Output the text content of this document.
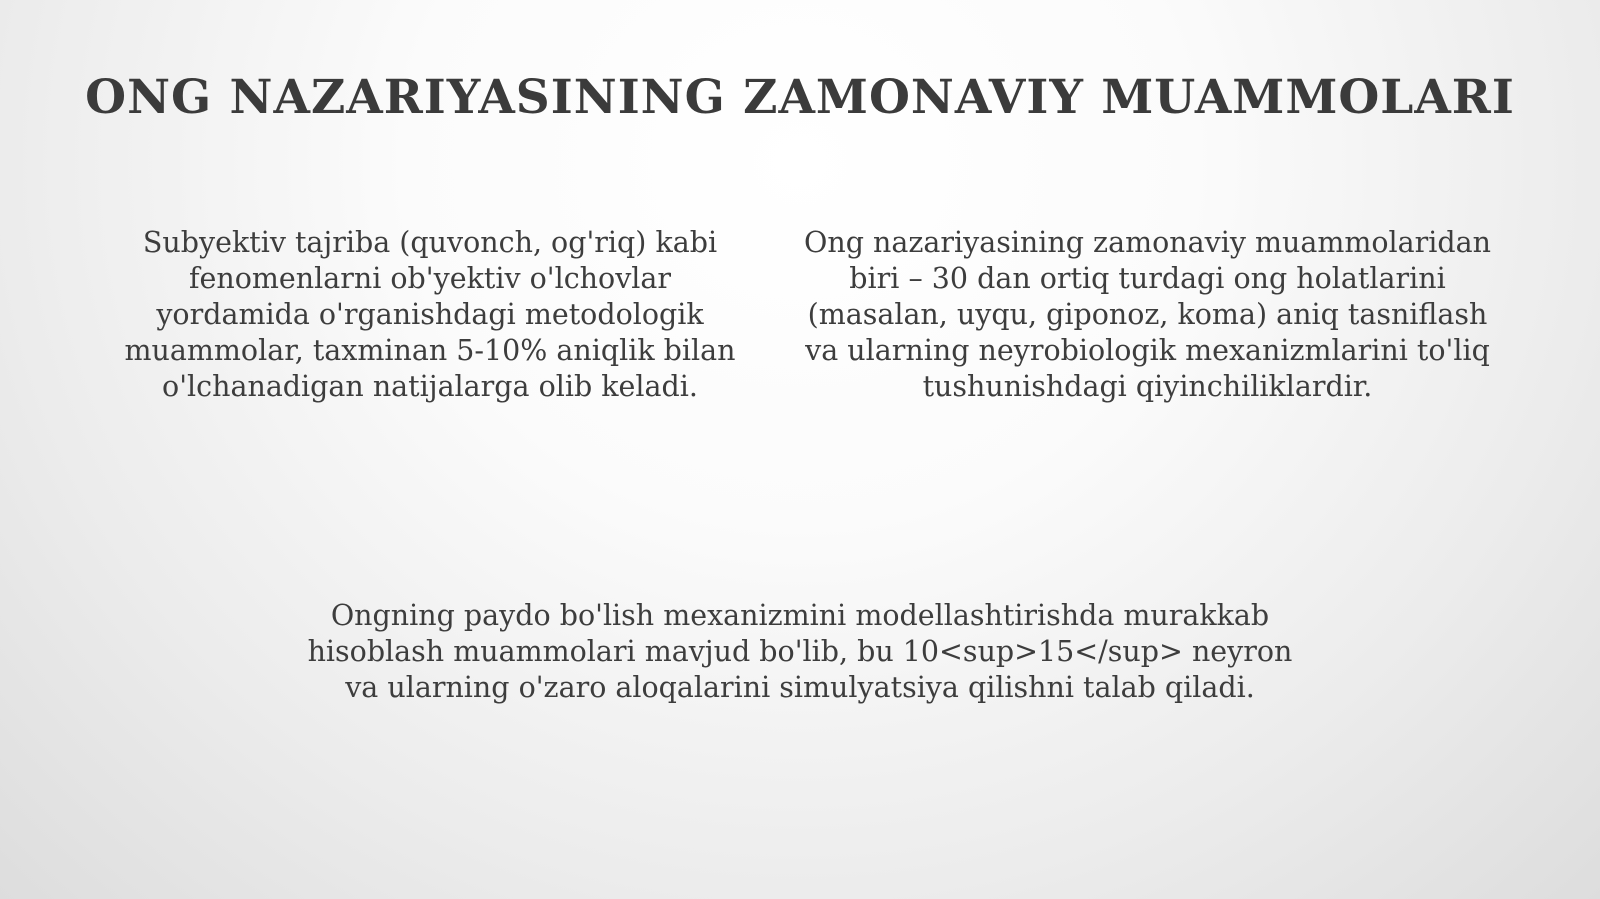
ONG NAZARIYASINING ZAMONAVIY MUAMMOLARI

Subyektiv tajriba (quvonch, og'riq) kabi fenomenlarni ob'yektiv o'lchovlar yordamida o'rganishdagi metodologik muammolar, taxminan 5-10% aniqlik bilan o'lchanadigan natijalarga olib keladi.

Ong nazariyasining zamonaviy muammolaridan biri – 30 dan ortiq turdagi ong holatlarini (masalan, uyqu, giponoz, koma) aniq tasniflash va ularning neyrobiologik mexanizmlarini to'liq tushunishdagi qiyinchiliklardir.

Ongning paydo bo'lish mexanizmini modellashtirishda murakkab hisoblash muammolari mavjud bo'lib, bu 10<sup>15</sup> neyron va ularning o'zaro aloqalarini simulyatsiya qilishni talab qiladi.
